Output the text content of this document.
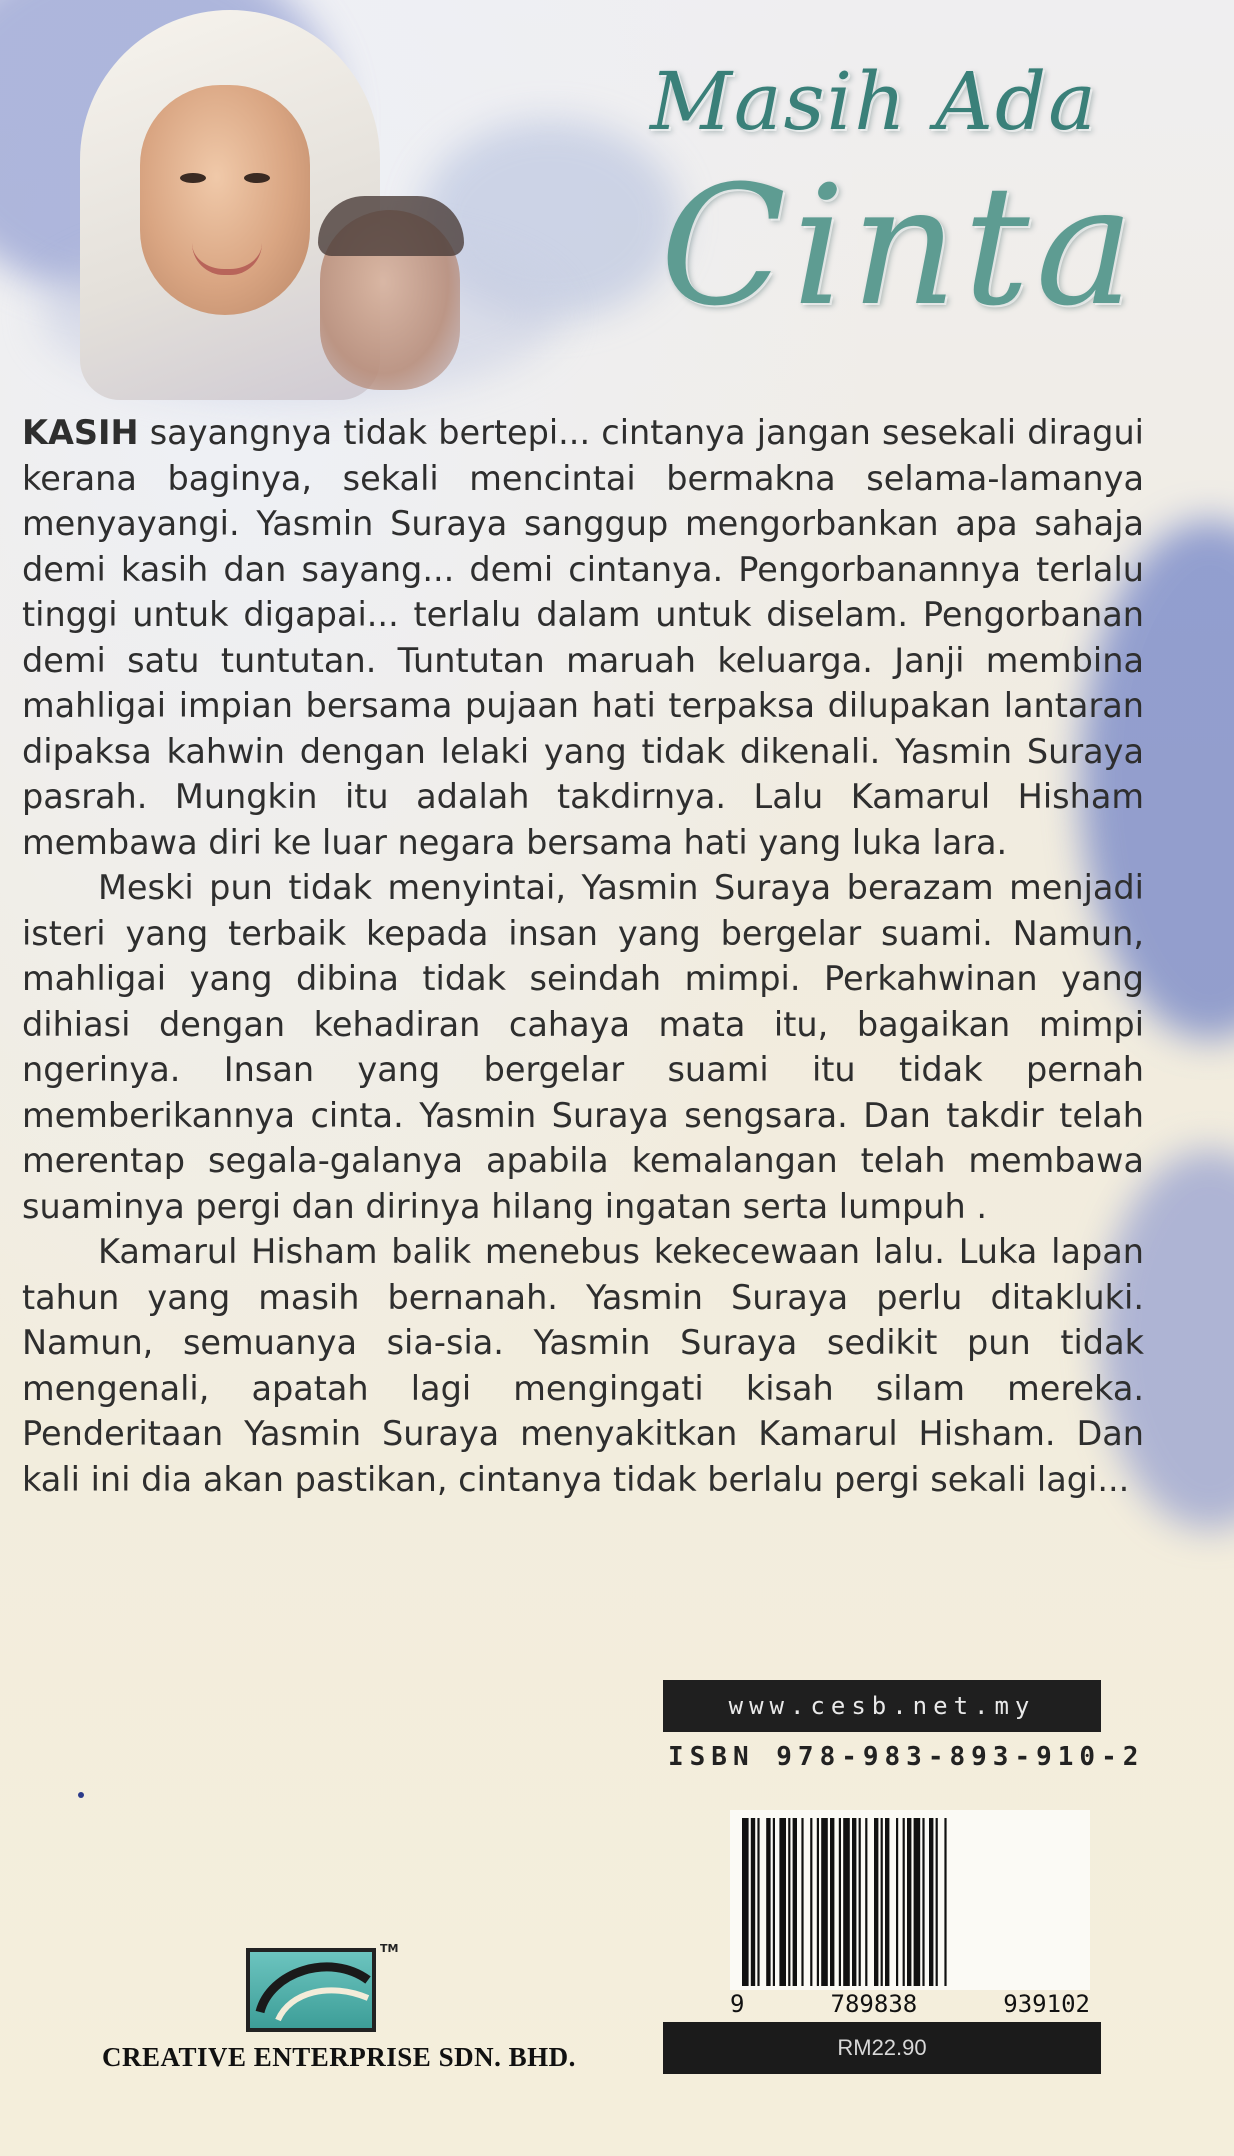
Masih Ada
Cinta

KASIH sayangnya tidak bertepi... cintanya jangan sesekali diragui kerana baginya, sekali mencintai bermakna selama-lamanya menyayangi. Yasmin Suraya sanggup mengorbankan apa sahaja demi kasih dan sayang... demi cintanya. Pengorbanannya terlalu tinggi untuk digapai... terlalu dalam untuk diselam. Pengorbanan demi satu tuntutan. Tuntutan maruah keluarga. Janji membina mahligai impian bersama pujaan hati terpaksa dilupakan lantaran dipaksa kahwin dengan lelaki yang tidak dikenali. Yasmin Suraya pasrah. Mungkin itu adalah takdirnya. Lalu Kamarul Hisham membawa diri ke luar negara bersama hati yang luka lara.

Meski pun tidak menyintai, Yasmin Suraya berazam menjadi isteri yang terbaik kepada insan yang bergelar suami. Namun, mahligai yang dibina tidak seindah mimpi. Perkahwinan yang dihiasi dengan kehadiran cahaya mata itu, bagaikan mimpi ngerinya. Insan yang bergelar suami itu tidak pernah memberikannya cinta. Yasmin Suraya sengsara. Dan takdir telah merentap segala-galanya apabila kemalangan telah membawa suaminya pergi dan dirinya hilang ingatan serta lumpuh .

Kamarul Hisham balik menebus kekecewaan lalu. Luka lapan tahun yang masih bernanah. Yasmin Suraya perlu ditakluki. Namun, semuanya sia-sia. Yasmin Suraya sedikit pun tidak mengenali, apatah lagi mengingati kisah silam mereka. Penderitaan Yasmin Suraya menyakitkan Kamarul Hisham. Dan kali ini dia akan pastikan, cintanya tidak berlalu pergi sekali lagi...

www.cesb.net.my
ISBN 978-983-893-910-2
9	789838	939102
RM22.90
TM
CREATIVE ENTERPRISE SDN. BHD.
